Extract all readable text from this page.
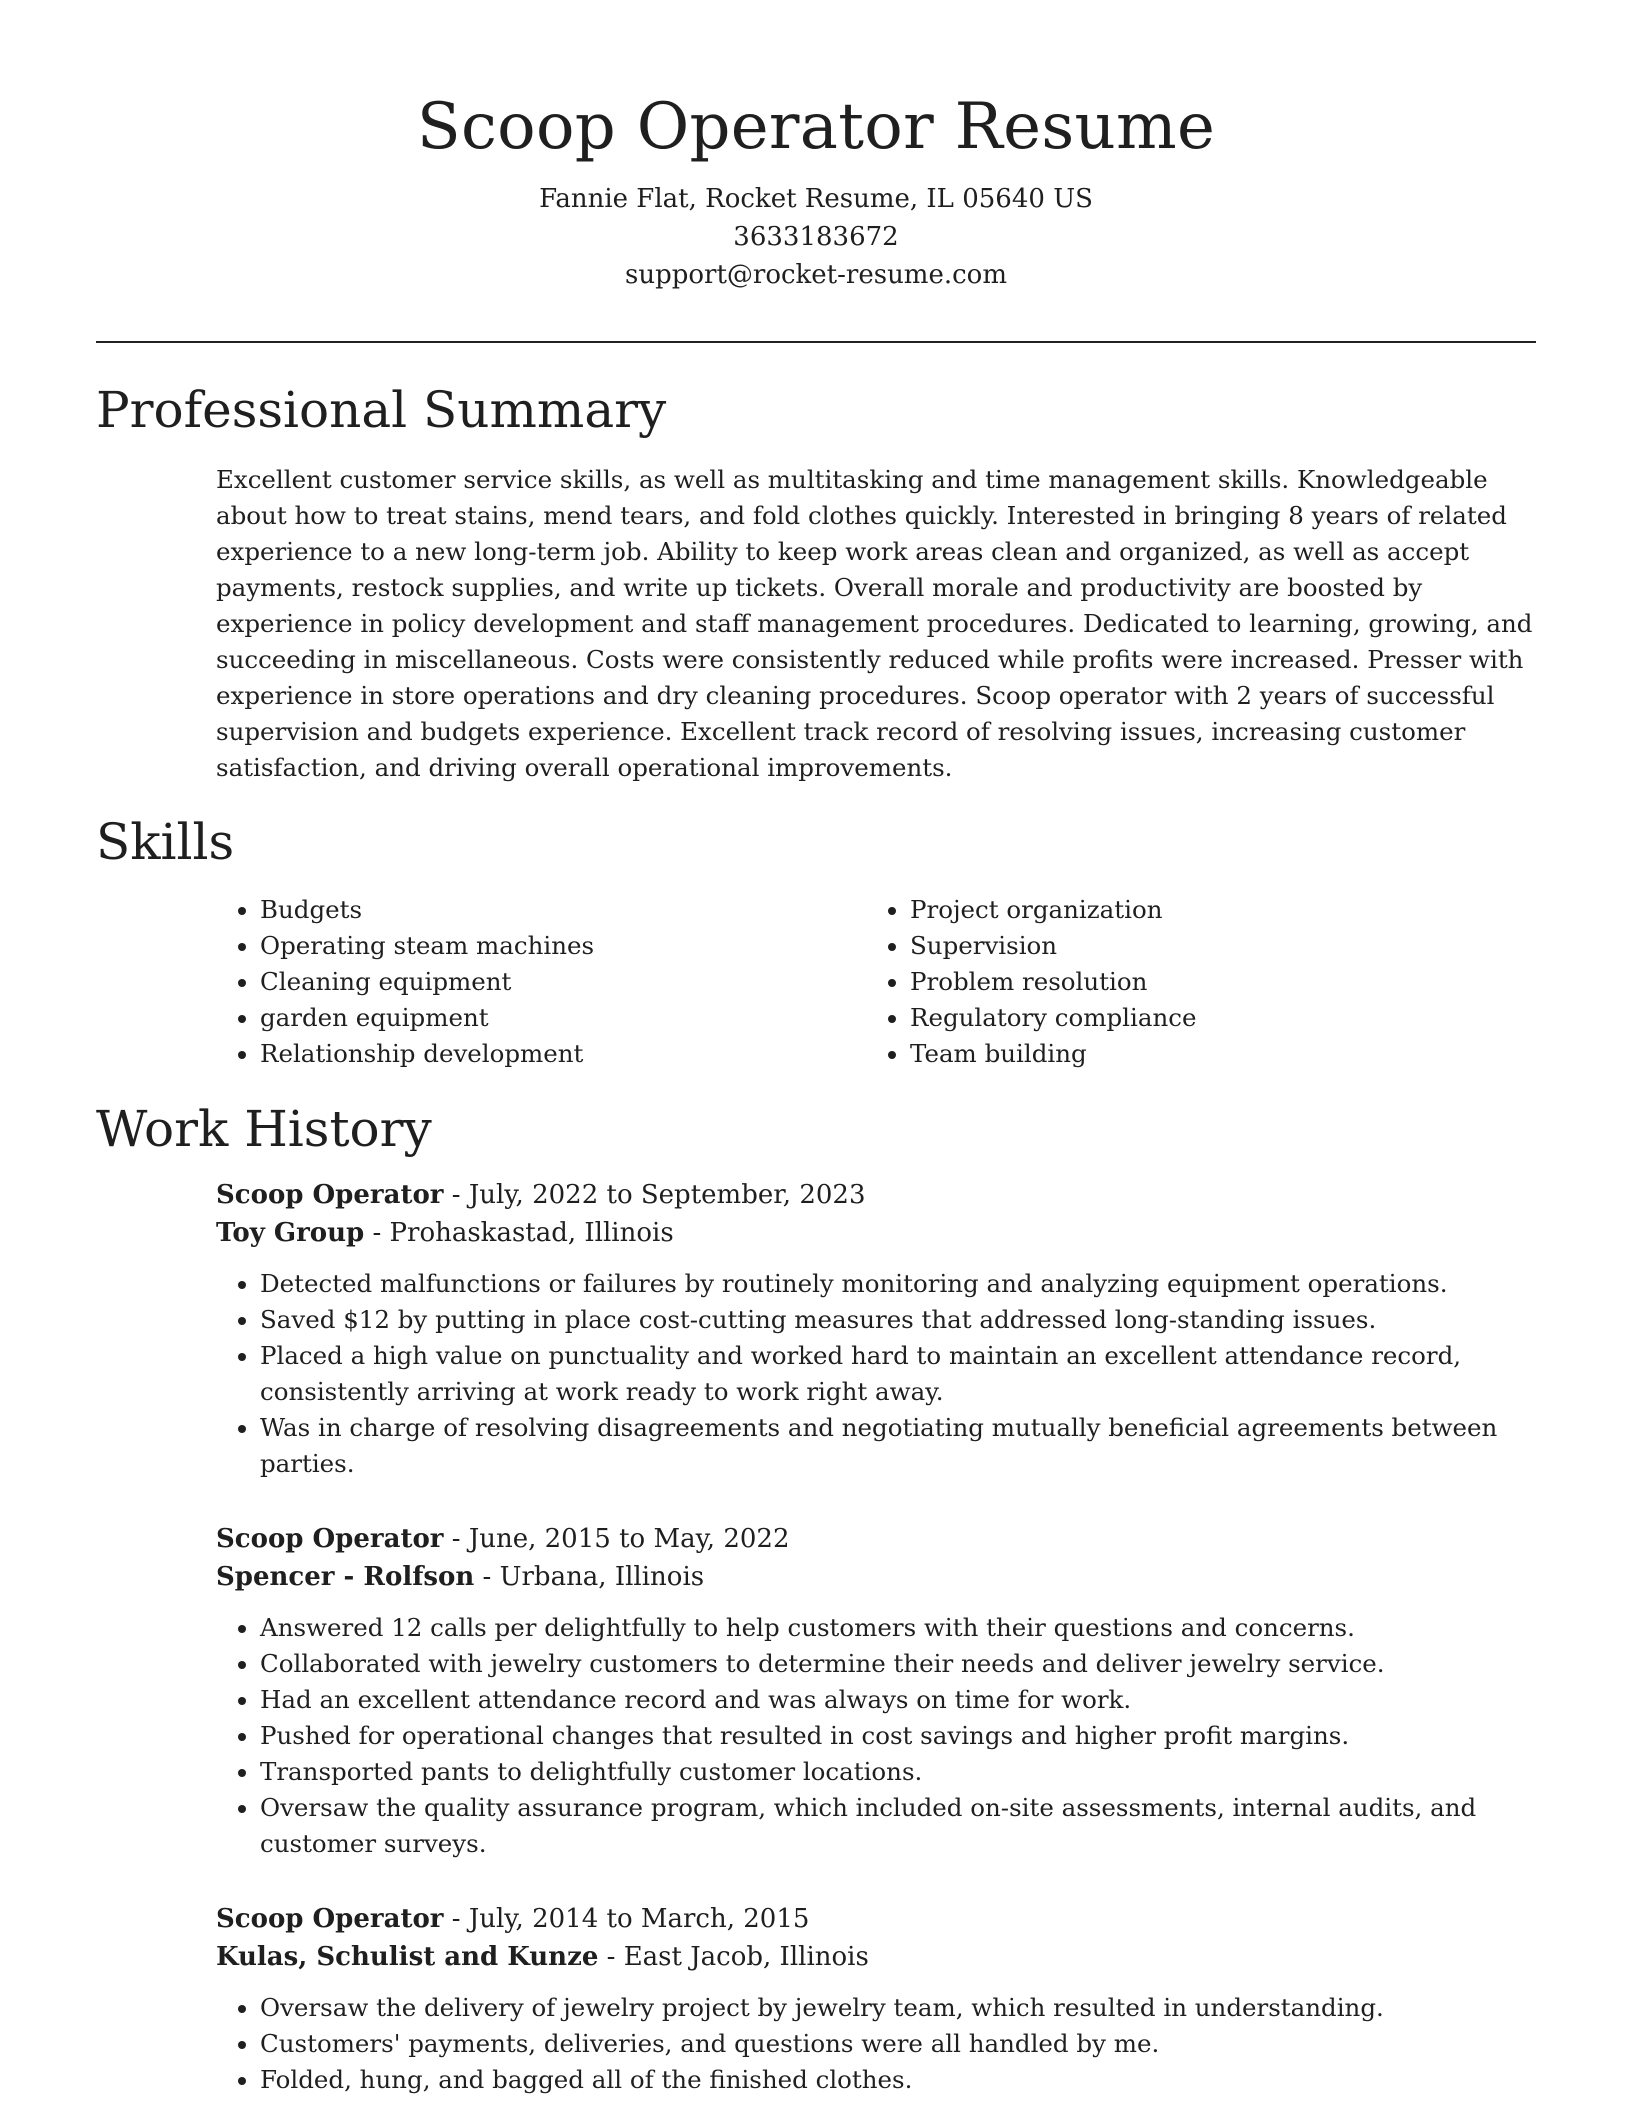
Scoop Operator Resume
Fannie Flat, Rocket Resume, IL 05640 US
3633183672
support@rocket-resume.com
Professional Summary

Excellent customer service skills, as well as multitasking and time management skills. Knowledgeable about how to treat stains, mend tears, and fold clothes quickly. Interested in bringing 8 years of related experience to a new long-term job. Ability to keep work areas clean and organized, as well as accept payments, restock supplies, and write up tickets. Overall morale and productivity are boosted by experience in policy development and staff management procedures. Dedicated to learning, growing, and succeeding in miscellaneous. Costs were consistently reduced while profits were increased. Presser with experience in store operations and dry cleaning procedures. Scoop operator with 2 years of successful supervision and budgets experience. Excellent track record of resolving issues, increasing customer satisfaction, and driving overall operational improvements.

Skills
• Budgets
• Operating steam machines
• Cleaning equipment
• garden equipment
• Relationship development
• Project organization
• Supervision
• Problem resolution
• Regulatory compliance
• Team building
Work History
Scoop Operator - July, 2022 to September, 2023
Toy Group - Prohaskastad, Illinois
• Detected malfunctions or failures by routinely monitoring and analyzing equipment operations.
• Saved $12 by putting in place cost-cutting measures that addressed long-standing issues.
• Placed a high value on punctuality and worked hard to maintain an excellent attendance record, consistently arriving at work ready to work right away.
• Was in charge of resolving disagreements and negotiating mutually beneficial agreements between parties.
Scoop Operator - June, 2015 to May, 2022
Spencer - Rolfson - Urbana, Illinois
• Answered 12 calls per delightfully to help customers with their questions and concerns.
• Collaborated with jewelry customers to determine their needs and deliver jewelry service.
• Had an excellent attendance record and was always on time for work.
• Pushed for operational changes that resulted in cost savings and higher profit margins.
• Transported pants to delightfully customer locations.
• Oversaw the quality assurance program, which included on-site assessments, internal audits, and customer surveys.
Scoop Operator - July, 2014 to March, 2015
Kulas, Schulist and Kunze - East Jacob, Illinois
• Oversaw the delivery of jewelry project by jewelry team, which resulted in understanding.
• Customers' payments, deliveries, and questions were all handled by me.
• Folded, hung, and bagged all of the finished clothes.
